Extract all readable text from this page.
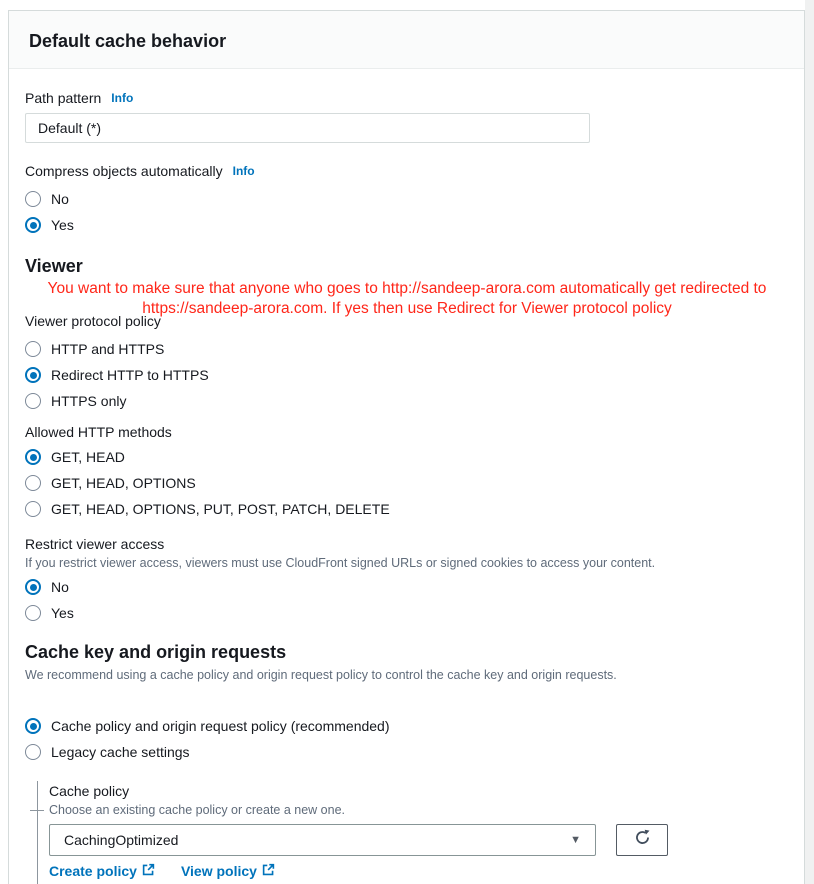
You want to make sure that anyone who goes to http://sandeep-arora.com automatically get redirected to
https://sandeep-arora.com. If yes then use Redirect for Viewer protocol policy
Default cache behavior
Path pattern Info
Default (*)
Compress objects automatically Info
No
Yes
Viewer
Viewer protocol policy
HTTP and HTTPS
Redirect HTTP to HTTPS
HTTPS only
Allowed HTTP methods
GET, HEAD
GET, HEAD, OPTIONS
GET, HEAD, OPTIONS, PUT, POST, PATCH, DELETE
Restrict viewer access
If you restrict viewer access, viewers must use CloudFront signed URLs or signed cookies to access your content.
No
Yes
Cache key and origin requests
We recommend using a cache policy and origin request policy to control the cache key and origin requests.
Cache policy and origin request policy (recommended)
Legacy cache settings
Cache policy
Choose an existing cache policy or create a new one.
CachingOptimized	▼
Create policy	View policy
